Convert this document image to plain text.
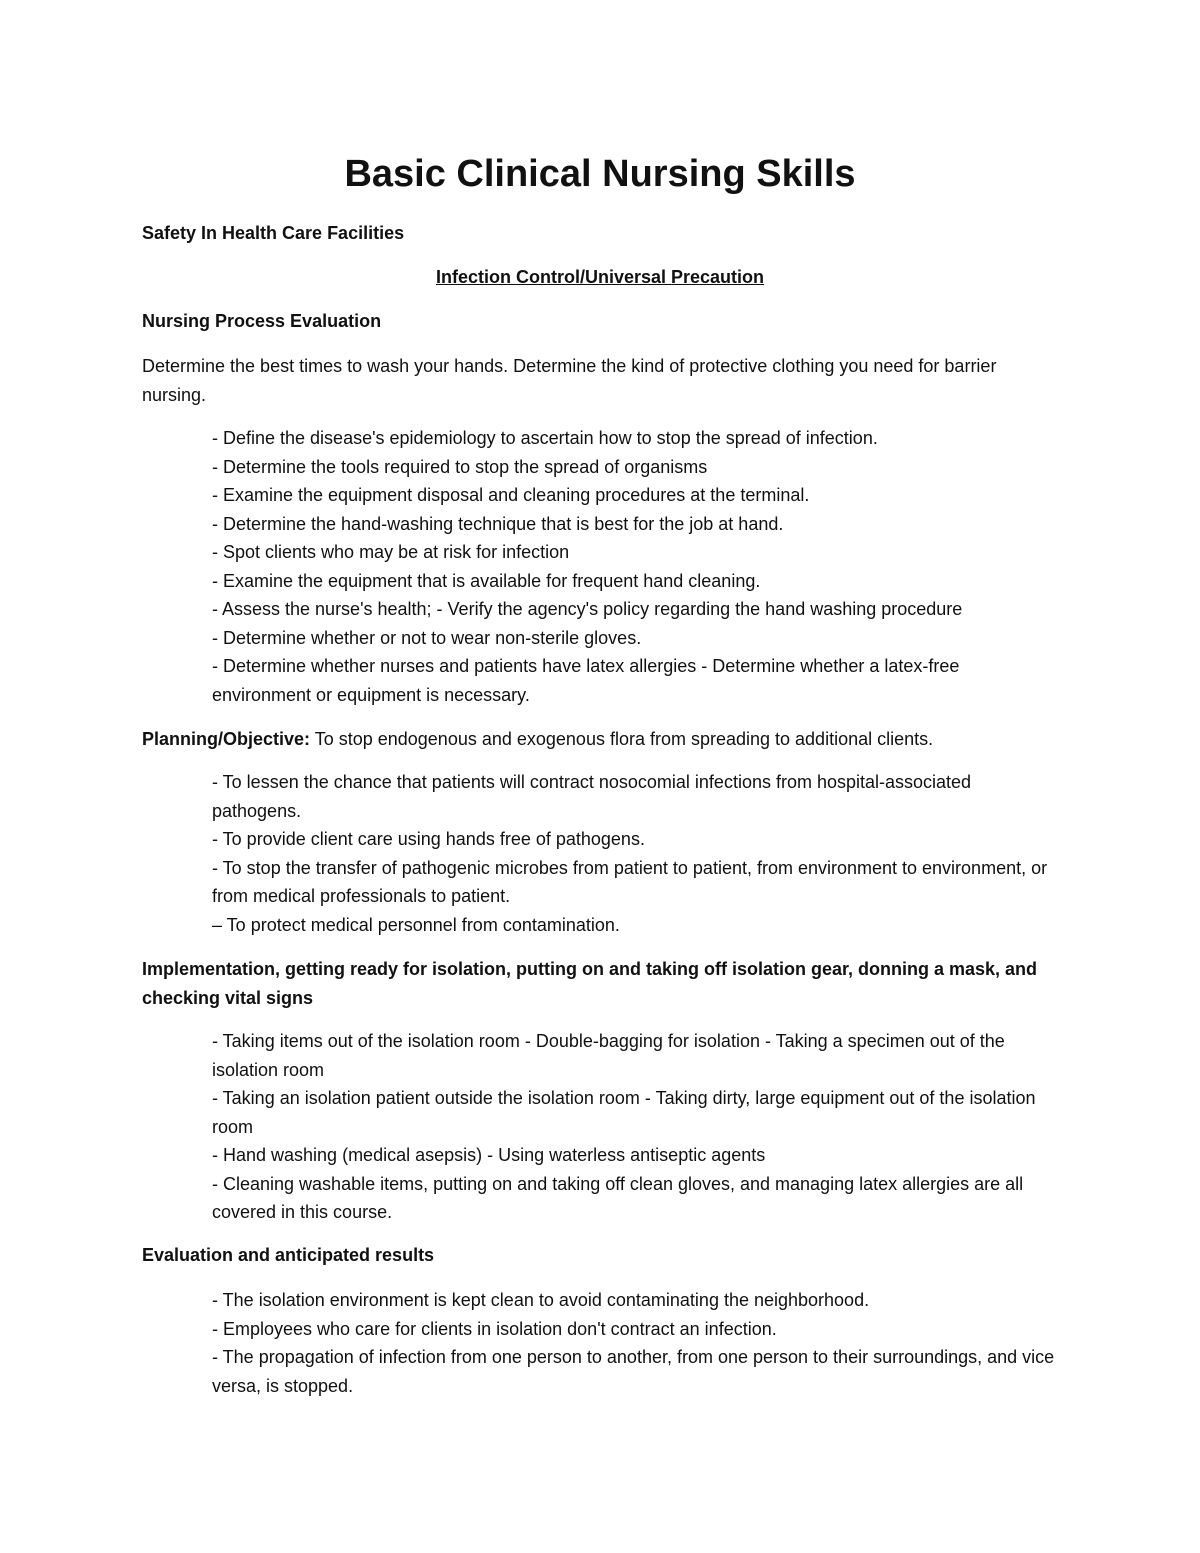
Basic Clinical Nursing Skills
Safety In Health Care Facilities
Infection Control/Universal Precaution
Nursing Process Evaluation
Determine the best times to wash your hands. Determine the kind of protective clothing you need for barrier nursing.
- Define the disease's epidemiology to ascertain how to stop the spread of infection.
- Determine the tools required to stop the spread of organisms
- Examine the equipment disposal and cleaning procedures at the terminal.
- Determine the hand-washing technique that is best for the job at hand.
- Spot clients who may be at risk for infection
- Examine the equipment that is available for frequent hand cleaning.
- Assess the nurse's health; - Verify the agency's policy regarding the hand washing procedure
- Determine whether or not to wear non-sterile gloves.
- Determine whether nurses and patients have latex allergies - Determine whether a latex-free environment or equipment is necessary.
Planning/Objective: To stop endogenous and exogenous flora from spreading to additional clients.
- To lessen the chance that patients will contract nosocomial infections from hospital-associated pathogens.
- To provide client care using hands free of pathogens.
- To stop the transfer of pathogenic microbes from patient to patient, from environment to environment, or from medical professionals to patient.
– To protect medical personnel from contamination.
Implementation, getting ready for isolation, putting on and taking off isolation gear, donning a mask, and checking vital signs
- Taking items out of the isolation room - Double-bagging for isolation - Taking a specimen out of the isolation room
- Taking an isolation patient outside the isolation room - Taking dirty, large equipment out of the isolation room
- Hand washing (medical asepsis) - Using waterless antiseptic agents
- Cleaning washable items, putting on and taking off clean gloves, and managing latex allergies are all covered in this course.
Evaluation and anticipated results
- The isolation environment is kept clean to avoid contaminating the neighborhood.
- Employees who care for clients in isolation don't contract an infection.
- The propagation of infection from one person to another, from one person to their surroundings, and vice versa, is stopped.
